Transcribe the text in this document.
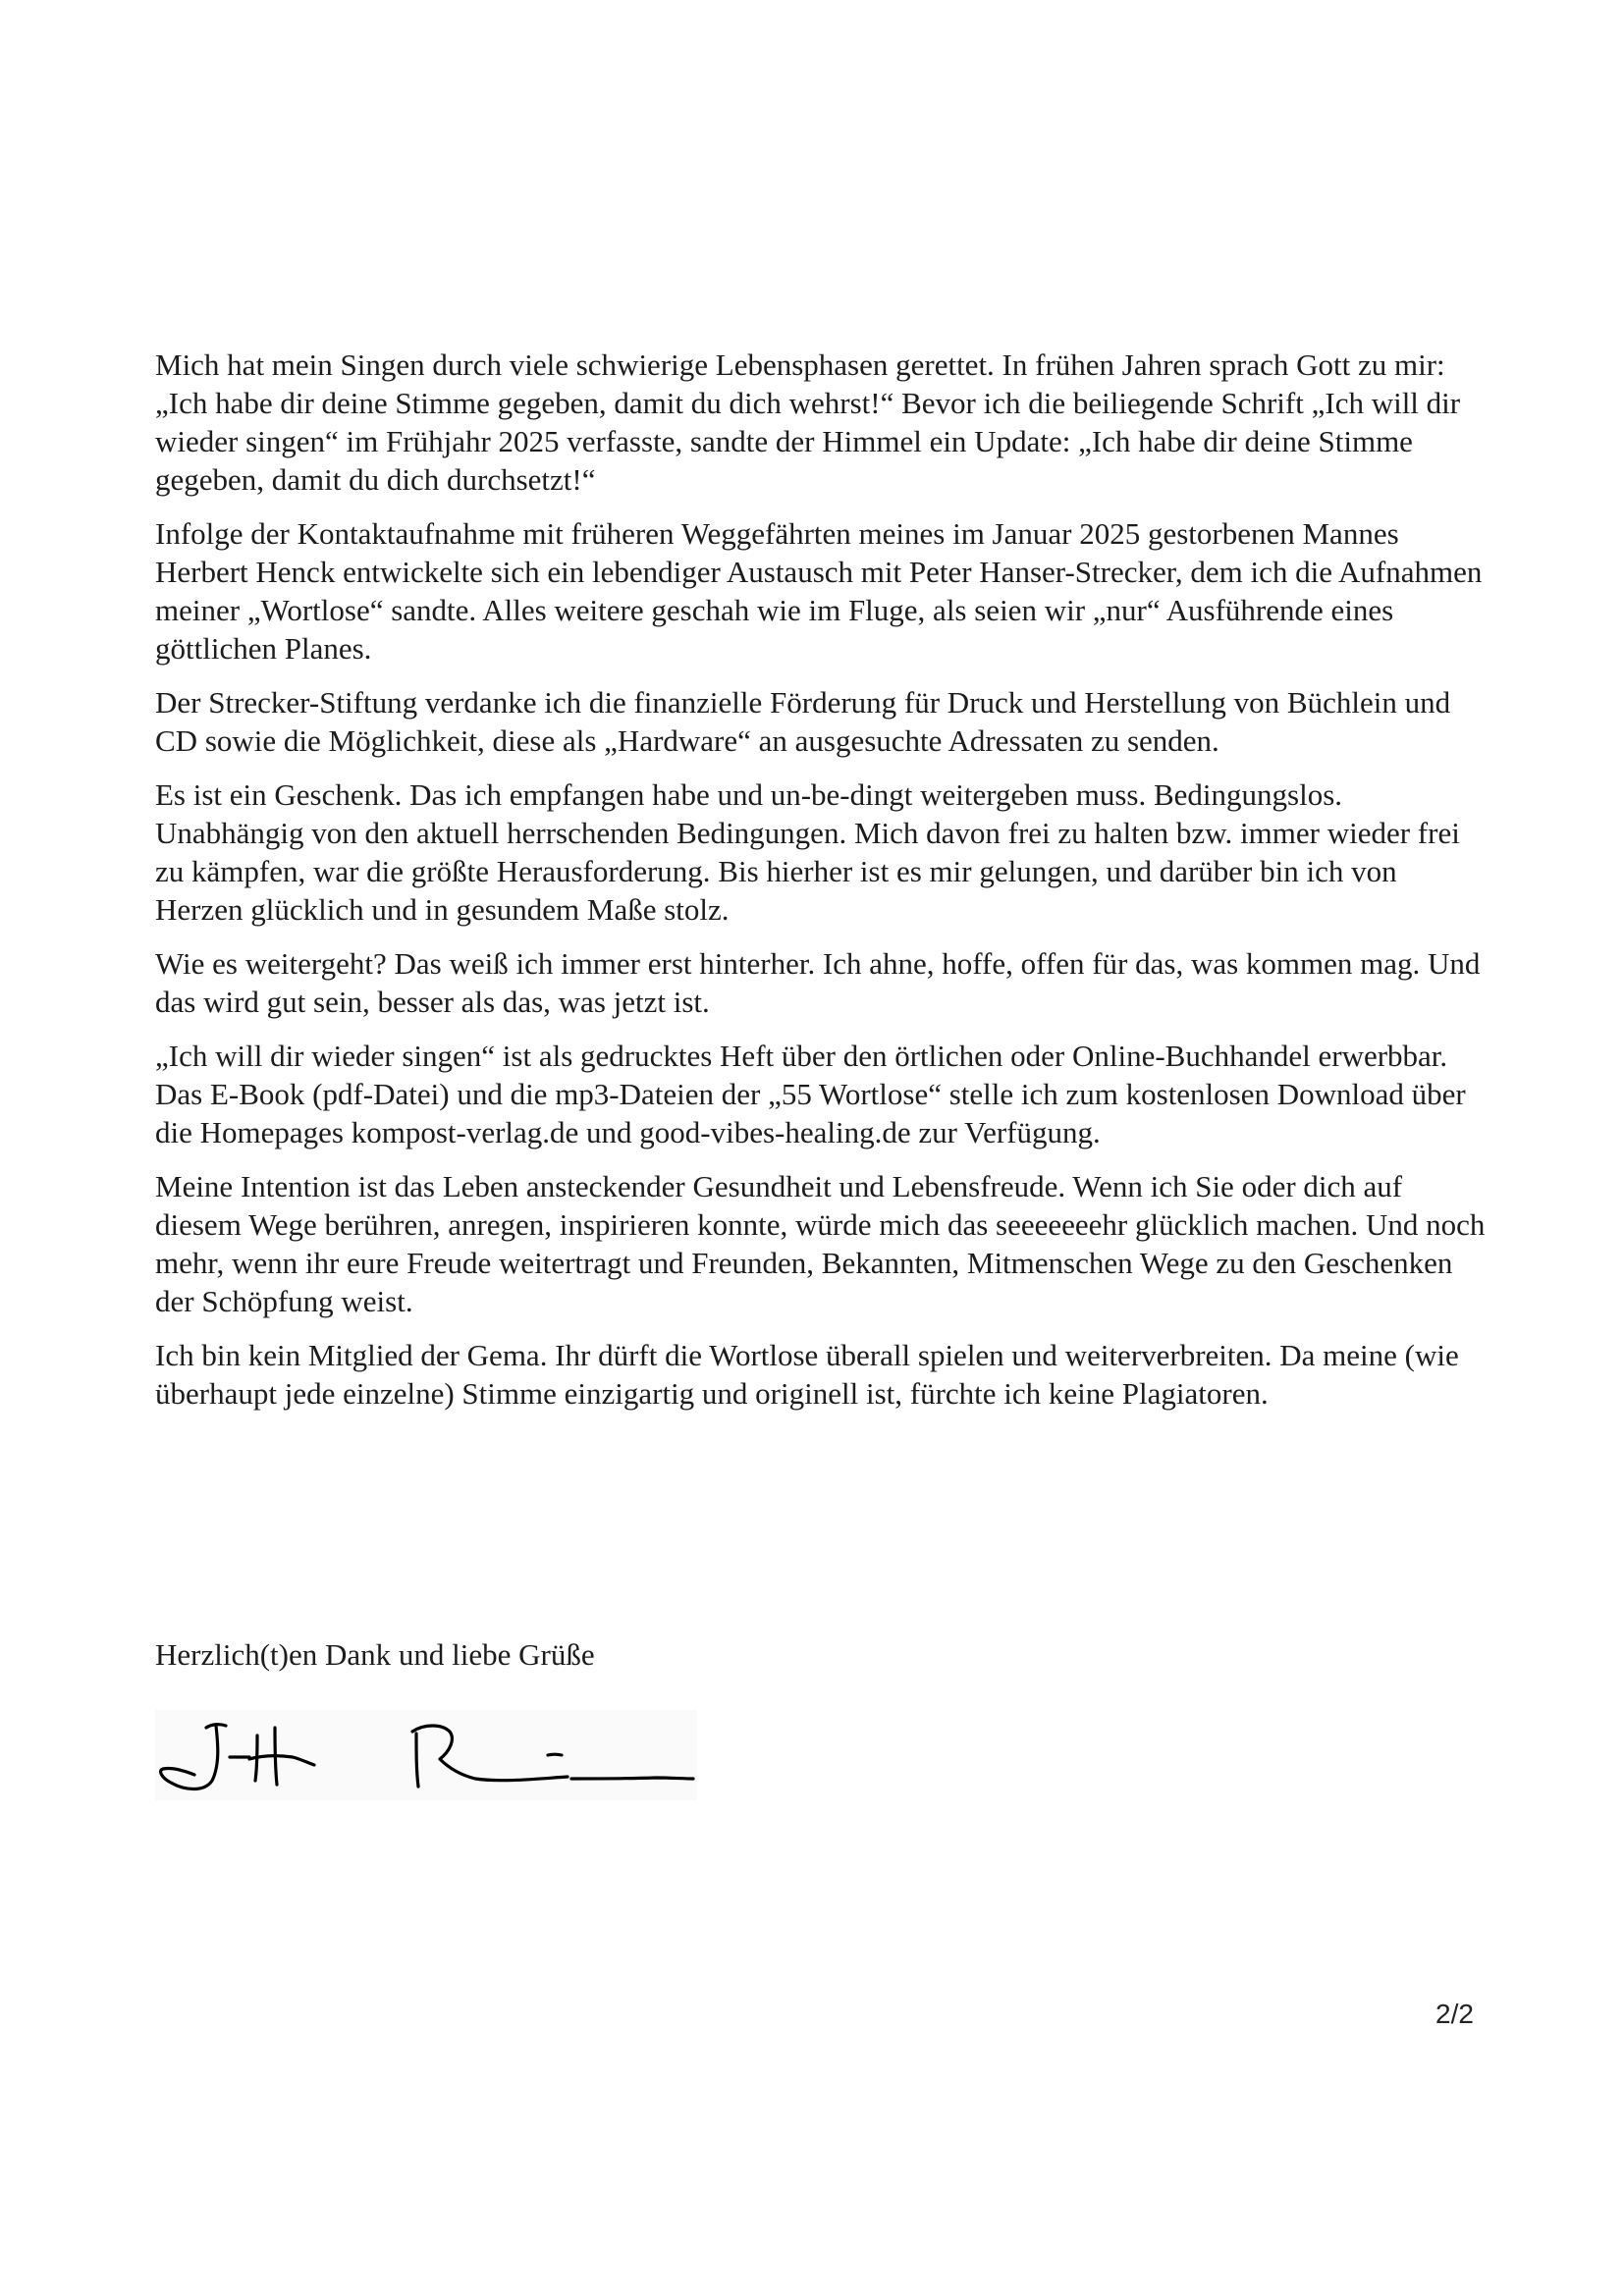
Mich hat mein Singen durch viele schwierige Lebensphasen gerettet. In frühen Jahren sprach Gott zu mir: „Ich habe dir deine Stimme gegeben, damit du dich wehrst!“ Bevor ich die beiliegende Schrift „Ich will dir wieder singen“ im Frühjahr 2025 verfasste, sandte der Himmel ein Update: „Ich habe dir deine Stimme gegeben, damit du dich durchsetzt!“

Infolge der Kontaktaufnahme mit früheren Weggefährten meines im Januar 2025 gestorbenen Mannes Herbert Henck entwickelte sich ein lebendiger Austausch mit Peter Hanser-Strecker, dem ich die Aufnahmen meiner „Wortlose“ sandte. Alles weitere geschah wie im Fluge, als seien wir „nur“ Ausführende eines göttlichen Planes.

Der Strecker-Stiftung verdanke ich die finanzielle Förderung für Druck und Herstellung von Büchlein und CD sowie die Möglichkeit, diese als „Hardware“ an ausgesuchte Adressaten zu senden.

Es ist ein Geschenk. Das ich empfangen habe und un-be-dingt weitergeben muss. Bedingungslos. Unabhängig von den aktuell herrschenden Bedingungen. Mich davon frei zu halten bzw. immer wieder frei zu kämpfen, war die größte Herausforderung. Bis hierher ist es mir gelungen, und darüber bin ich von Herzen glücklich und in gesundem Maße stolz.

Wie es weitergeht? Das weiß ich immer erst hinterher. Ich ahne, hoffe, offen für das, was kommen mag. Und das wird gut sein, besser als das, was jetzt ist.

„Ich will dir wieder singen“ ist als gedrucktes Heft über den örtlichen oder Online-Buchhandel erwerbbar. Das E-Book (pdf-Datei) und die mp3-Dateien der „55 Wortlose“ stelle ich zum kostenlosen Download über die Homepages kompost-verlag.de und good-vibes-healing.de zur Verfügung.

Meine Intention ist das Leben ansteckender Gesundheit und Lebensfreude. Wenn ich Sie oder dich auf diesem Wege berühren, anregen, inspirieren konnte, würde mich das seeeeeeehr glücklich machen. Und noch mehr, wenn ihr eure Freude weitertragt und Freunden, Bekannten, Mitmenschen Wege zu den Geschenken der Schöpfung weist.

Ich bin kein Mitglied der Gema. Ihr dürft die Wortlose überall spielen und weiterverbreiten. Da meine (wie überhaupt jede einzelne) Stimme einzigartig und originell ist, fürchte ich keine Plagiatoren.

Herzlich(t)en Dank und liebe Grüße

2/2
